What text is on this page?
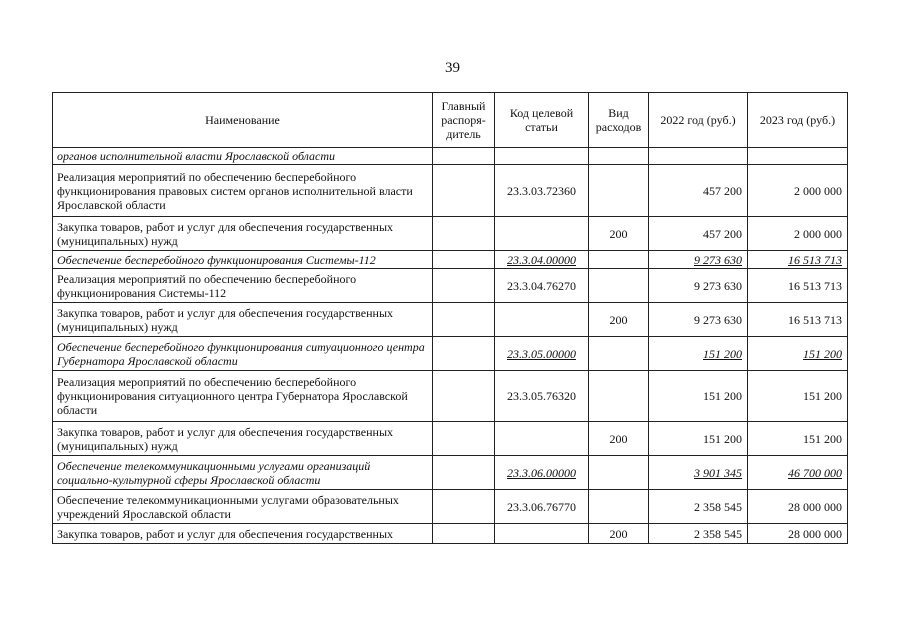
39
Наименование	Главный распоря-дитель	Код целевой статьи	Вид расходов	2022 год (руб.)	2023 год (руб.)
органов исполнительной власти Ярославской области					
Реализация мероприятий по обеспечению бесперебойного функционирования правовых систем органов исполнительной власти Ярославской области		23.3.03.72360		457 200	2 000 000
Закупка товаров, работ и услуг для обеспечения государственных (муниципальных) нужд			200	457 200	2 000 000
Обеспечение бесперебойного функционирования Системы-112		23.3.04.00000		9 273 630	16 513 713
Реализация мероприятий по обеспечению бесперебойного функционирования Системы-112		23.3.04.76270		9 273 630	16 513 713
Закупка товаров, работ и услуг для обеспечения государственных (муниципальных) нужд			200	9 273 630	16 513 713
Обеспечение бесперебойного функционирования ситуационного центра Губернатора Ярославской области		23.3.05.00000		151 200	151 200
Реализация мероприятий по обеспечению бесперебойного функционирования ситуационного центра Губернатора Ярославской области		23.3.05.76320		151 200	151 200
Закупка товаров, работ и услуг для обеспечения государственных (муниципальных) нужд			200	151 200	151 200
Обеспечение телекоммуникационными услугами организаций социально-культурной сферы Ярославской области		23.3.06.00000		3 901 345	46 700 000
Обеспечение телекоммуникационными услугами образовательных учреждений Ярославской области		23.3.06.76770		2 358 545	28 000 000
Закупка товаров, работ и услуг для обеспечения государственных			200	2 358 545	28 000 000
